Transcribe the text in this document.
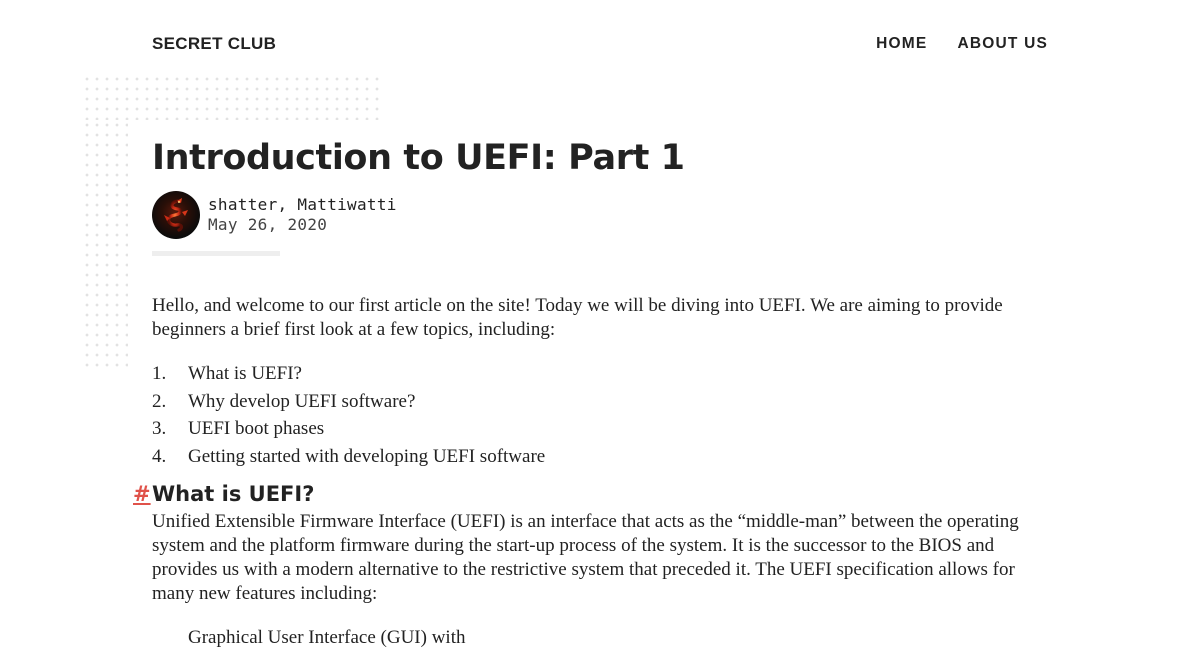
SECRET CLUB	HOME ABOUT US
Introduction to UEFI: Part 1
shatter, Mattiwatti
May 26, 2020

Hello, and welcome to our first article on the site! Today we will be diving into UEFI. We are aiming to provide beginners a brief first look at a few topics, including:

1.	What is UEFI?
2.	Why develop UEFI software?
3.	UEFI boot phases
4.	Getting started with developing UEFI software
# What is UEFI?

Unified Extensible Firmware Interface (UEFI) is an interface that acts as the “middle-man” between the operating system and the platform firmware during the start-up process of the system. It is the successor to the BIOS and provides us with a modern alternative to the restrictive system that preceded it. The UEFI specification allows for many new features including:

Graphical User Interface (GUI) with
